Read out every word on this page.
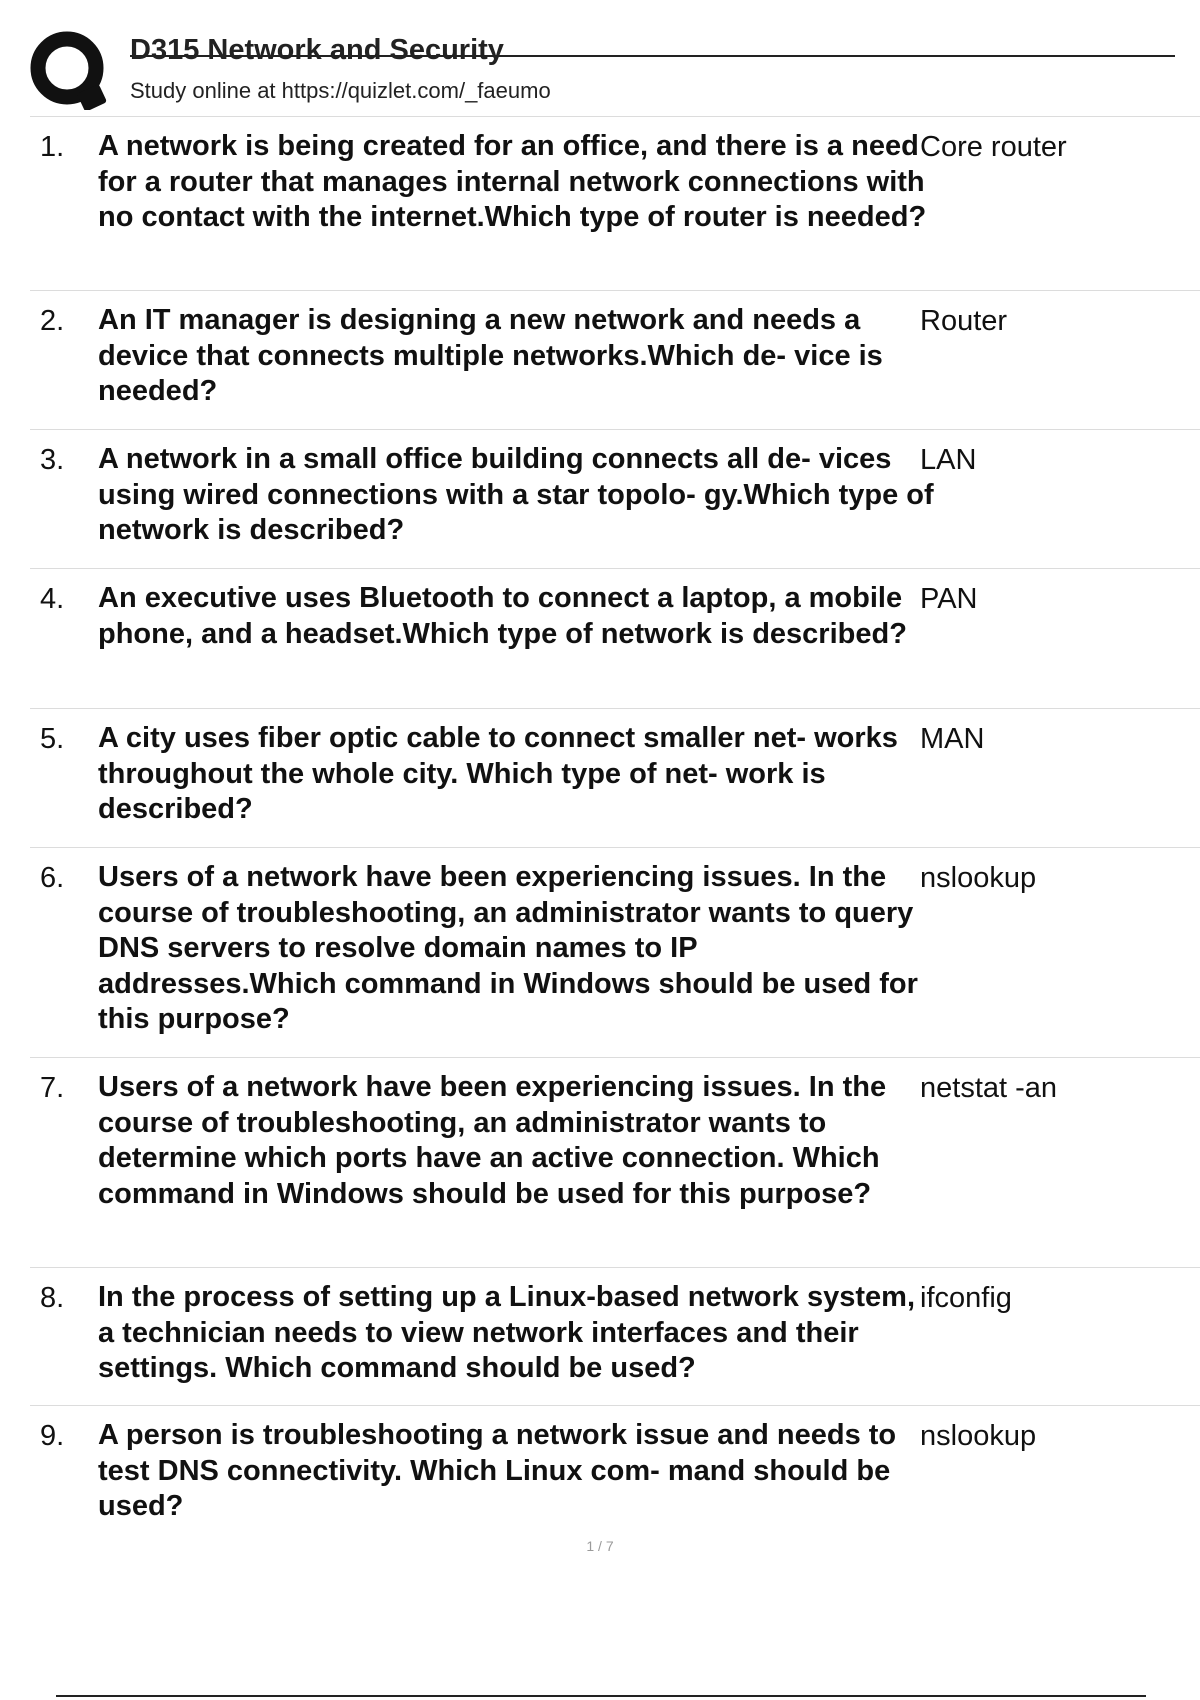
D315 Network and Security
Study online at https://quizlet.com/_faeumo
1. A network is being created for an office, and there is a need for a router that manages internal network connections with no contact with the internet.Which type of router is needed?
Core router
2. An IT manager is designing a new network and needs a device that connects multiple networks.Which de- vice is needed?
Router
3. A network in a small office building connects all de- vices using wired connections with a star topolo- gy.Which type of network is described?
LAN
4. An executive uses Bluetooth to connect a laptop, a mobile phone, and a headset.Which type of network is described?
PAN
5. A city uses fiber optic cable to connect smaller net- works throughout the whole city. Which type of net- work is described?
MAN
6. Users of a network have been experiencing issues. In the course of troubleshooting, an administrator wants to query DNS servers to resolve domain names to IP addresses.Which command in Windows should be used for this purpose?
nslookup
7. Users of a network have been experiencing issues. In the course of troubleshooting, an administrator wants to determine which ports have an active connection. Which command in Windows should be used for this purpose?
netstat -an
8. In the process of setting up a Linux-based network system, a technician needs to view network interfaces and their settings. Which command should be used?
ifconfig
9. A person is troubleshooting a network issue and needs to test DNS connectivity. Which Linux com- mand should be used?
nslookup
1 / 7
